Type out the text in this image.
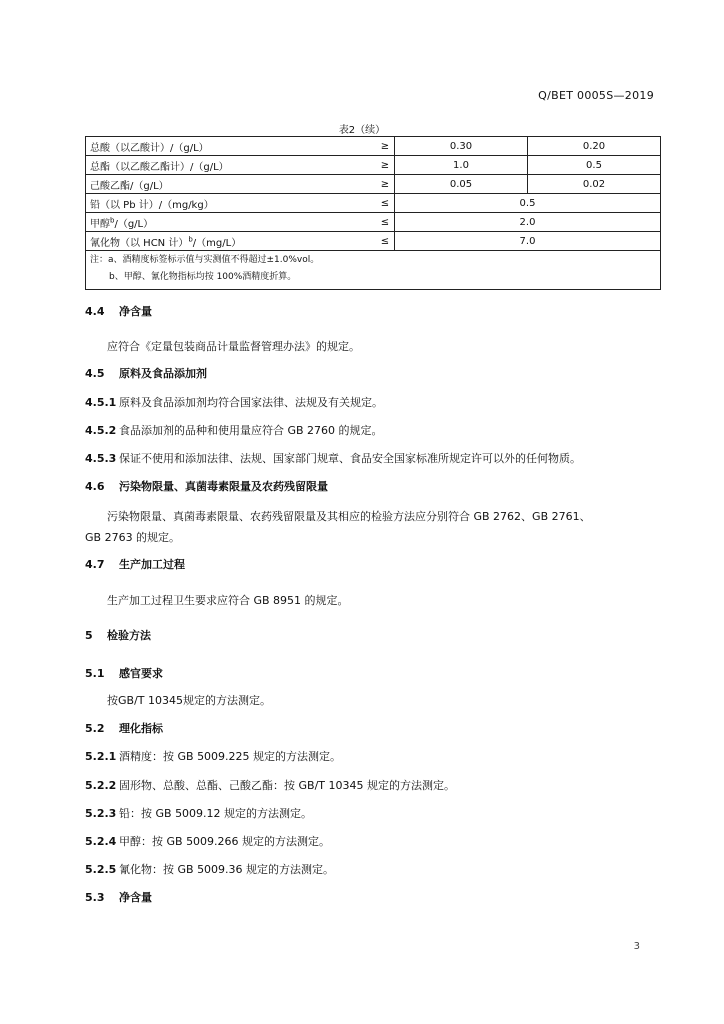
Q/BET 0005S—2019
表2（续）
总酸（以乙酸计）/（g/L）	≥	0.30	0.20
总酯（以乙酸乙酯计）/（g/L）	≥	1.0	0.5
己酸乙酯/（g/L）	≥	0.05	0.02
铅（以 Pb 计）/（mg/kg）	≤	0.5	
甲醇$^b$/（g/L）	≤	2.0	
氰化物（以 HCN 计）$^b$/（mg/L）	≤	7.0	

注：a、酒精度标签标示值与实测值不得超过±1.0%vol。
b、甲醇、氰化物指标均按 100%酒精度折算。			
4.4 净含量
应符合《定量包装商品计量监督管理办法》的规定。
4.5 原料及食品添加剂
4.5.1 原料及食品添加剂均符合国家法律、法规及有关规定。
4.5.2 食品添加剂的品种和使用量应符合 GB 2760 的规定。
4.5.3 保证不使用和添加法律、法规、国家部门规章、食品安全国家标准所规定许可以外的任何物质。
4.6 污染物限量、真菌毒素限量及农药残留限量
污染物限量、真菌毒素限量、农药残留限量及其相应的检验方法应分别符合 GB 2762、GB 2761、
GB 2763 的规定。
4.7 生产加工过程
生产加工过程卫生要求应符合 GB 8951 的规定。
5 检验方法
5.1 感官要求
按GB/T 10345规定的方法测定。
5.2 理化指标
5.2.1 酒精度：按 GB 5009.225 规定的方法测定。
5.2.2 固形物、总酸、总酯、己酸乙酯：按 GB/T 10345 规定的方法测定。
5.2.3 铅：按 GB 5009.12 规定的方法测定。
5.2.4 甲醇：按 GB 5009.266 规定的方法测定。
5.2.5 氰化物：按 GB 5009.36 规定的方法测定。
5.3 净含量
3
